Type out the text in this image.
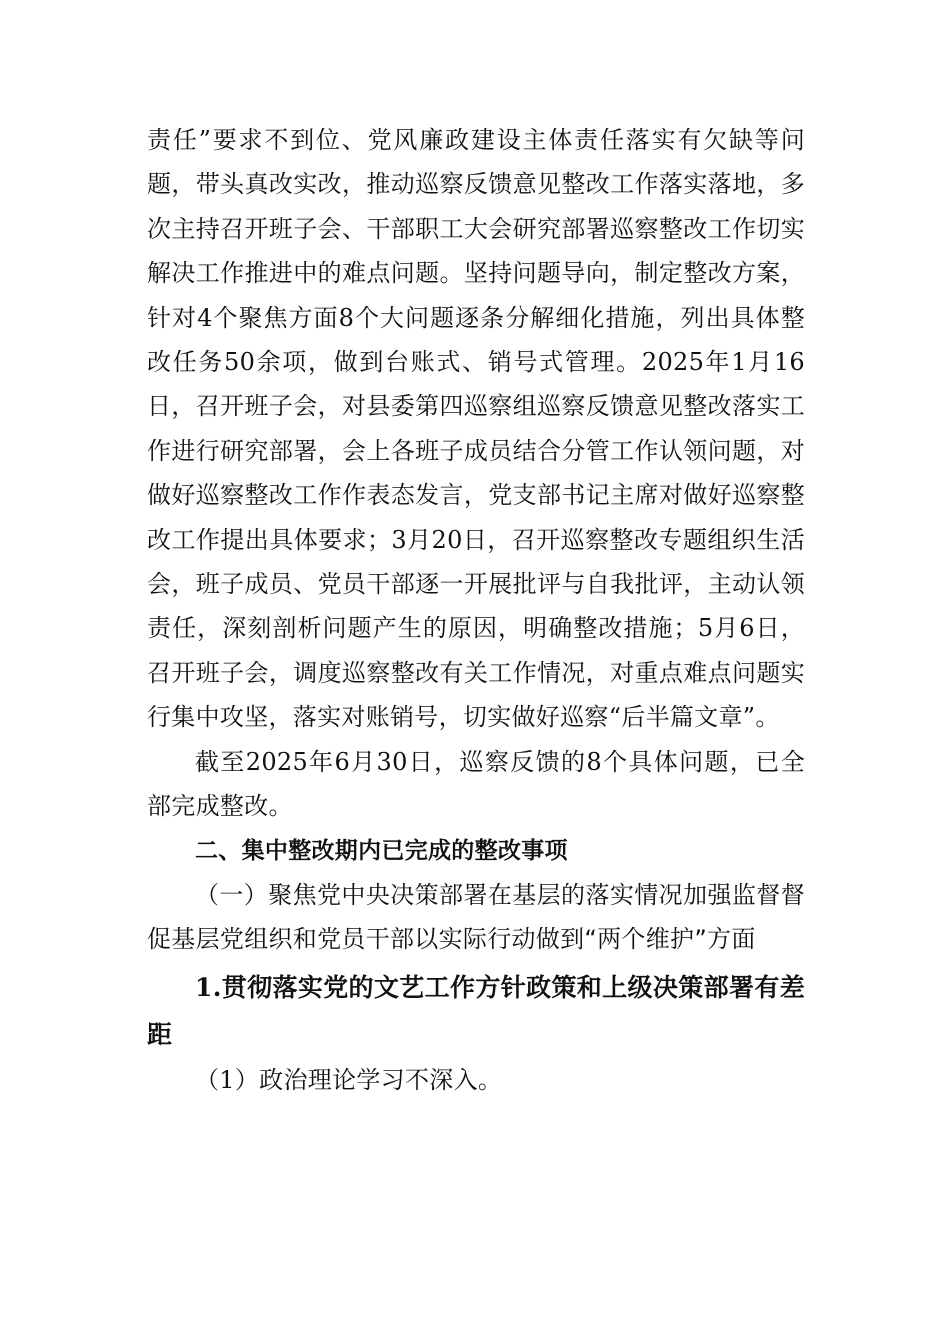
责任”要求不到位、党风廉政建设主体责任落实有欠缺等问题，带头真改实改，推动巡察反馈意见整改工作落实落地，多次主持召开班子会、干部职工大会研究部署巡察整改工作切实解决工作推进中的难点问题。坚持问题导向，制定整改方案，针对4个聚焦方面8个大问题逐条分解细化措施，列出具体整改任务50余项，做到台账式、销号式管理。2025年1月16日，召开班子会，对县委第四巡察组巡察反馈意见整改落实工作进行研究部署，会上各班子成员结合分管工作认领问题，对做好巡察整改工作作表态发言，党支部书记主席对做好巡察整改工作提出具体要求；3月20日，召开巡察整改专题组织生活会，班子成员、党员干部逐一开展批评与自我批评，主动认领责任，深刻剖析问题产生的原因，明确整改措施；5月6日，召开班子会，调度巡察整改有关工作情况，对重点难点问题实行集中攻坚，落实对账销号，切实做好巡察“后半篇文章”。

截至2025年6月30日，巡察反馈的8个具体问题，已全部完成整改。

二、集中整改期内已完成的整改事项

（一）聚焦党中央决策部署在基层的落实情况加强监督督促基层党组织和党员干部以实际行动做到“两个维护”方面

1.贯彻落实党的文艺工作方针政策和上级决策部署有差距

（1）政治理论学习不深入。
